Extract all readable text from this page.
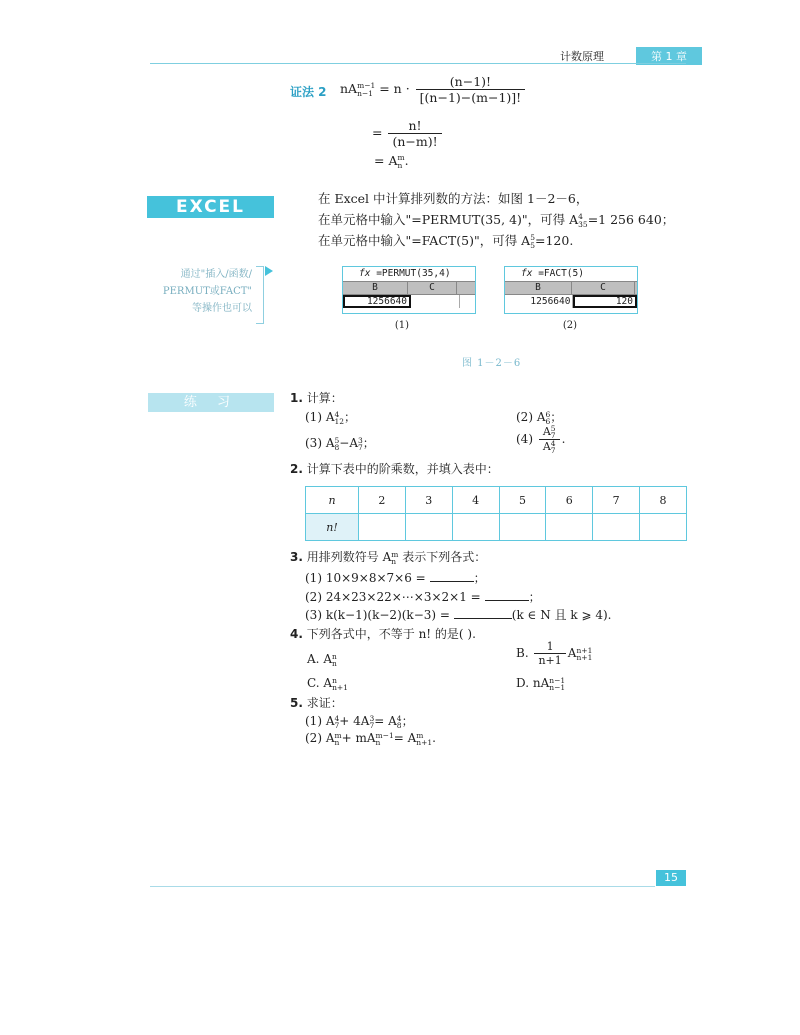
计数原理	第 1 章
证法 2 nA m−1
$n-1 = n \cdot \frac{(n-1)!}{[(n-1)-(m-1)]!}$
= $\frac{n!}{(n-m)!}$
= A m
n .
EXCEL	在 Excel 中计算排列数的方法：如图 1－2－6，
在单元格中输入"=PERMUT(35, 4)"，可得 A 4
35 =1 256 640；
在单元格中输入"=FACT(5)"，可得 A 5
5 =120.
通过"插入/函数/
PERMUT或FACT"
等操作也可以
fx =PERMUT(35,4)
B	C
1256640
(1)
fx =FACT(5)
B	C
1256640	120
(2)
图 1－2－6
练 习	1. 计算：
(1) A 4
12 ；	(2) A 6
6 ；
(3) A 5
8 −A 3
7 ；	(4) A 5
7
A 4
7 .
2. 计算下表中的阶乘数，并填入表中：
n	2	3	4	5	6	7	8
n!							
3. 用排列数符号 A m
n 表示下列各式：
(1) 10×9×8×7×6 =	；
(2) 24×23×22×⋯×3×2×1 =	；
(3) k(k−1)(k−2)(k−3) =	(k ∈ N 且 k ⩾ 4).
4. 下列各式中，不等于 n! 的是( ).
A. A n
n
B. $\frac{1}{n+1}$ A n+1
n+1
C. A n
n+1	D. nA n−1
n−1
5. 求证：
(1) A 4
7 + 4A 3
7 = A 4
8 ；
(2) A m
n + mA m−1
n	= A m
n+1 .
15
